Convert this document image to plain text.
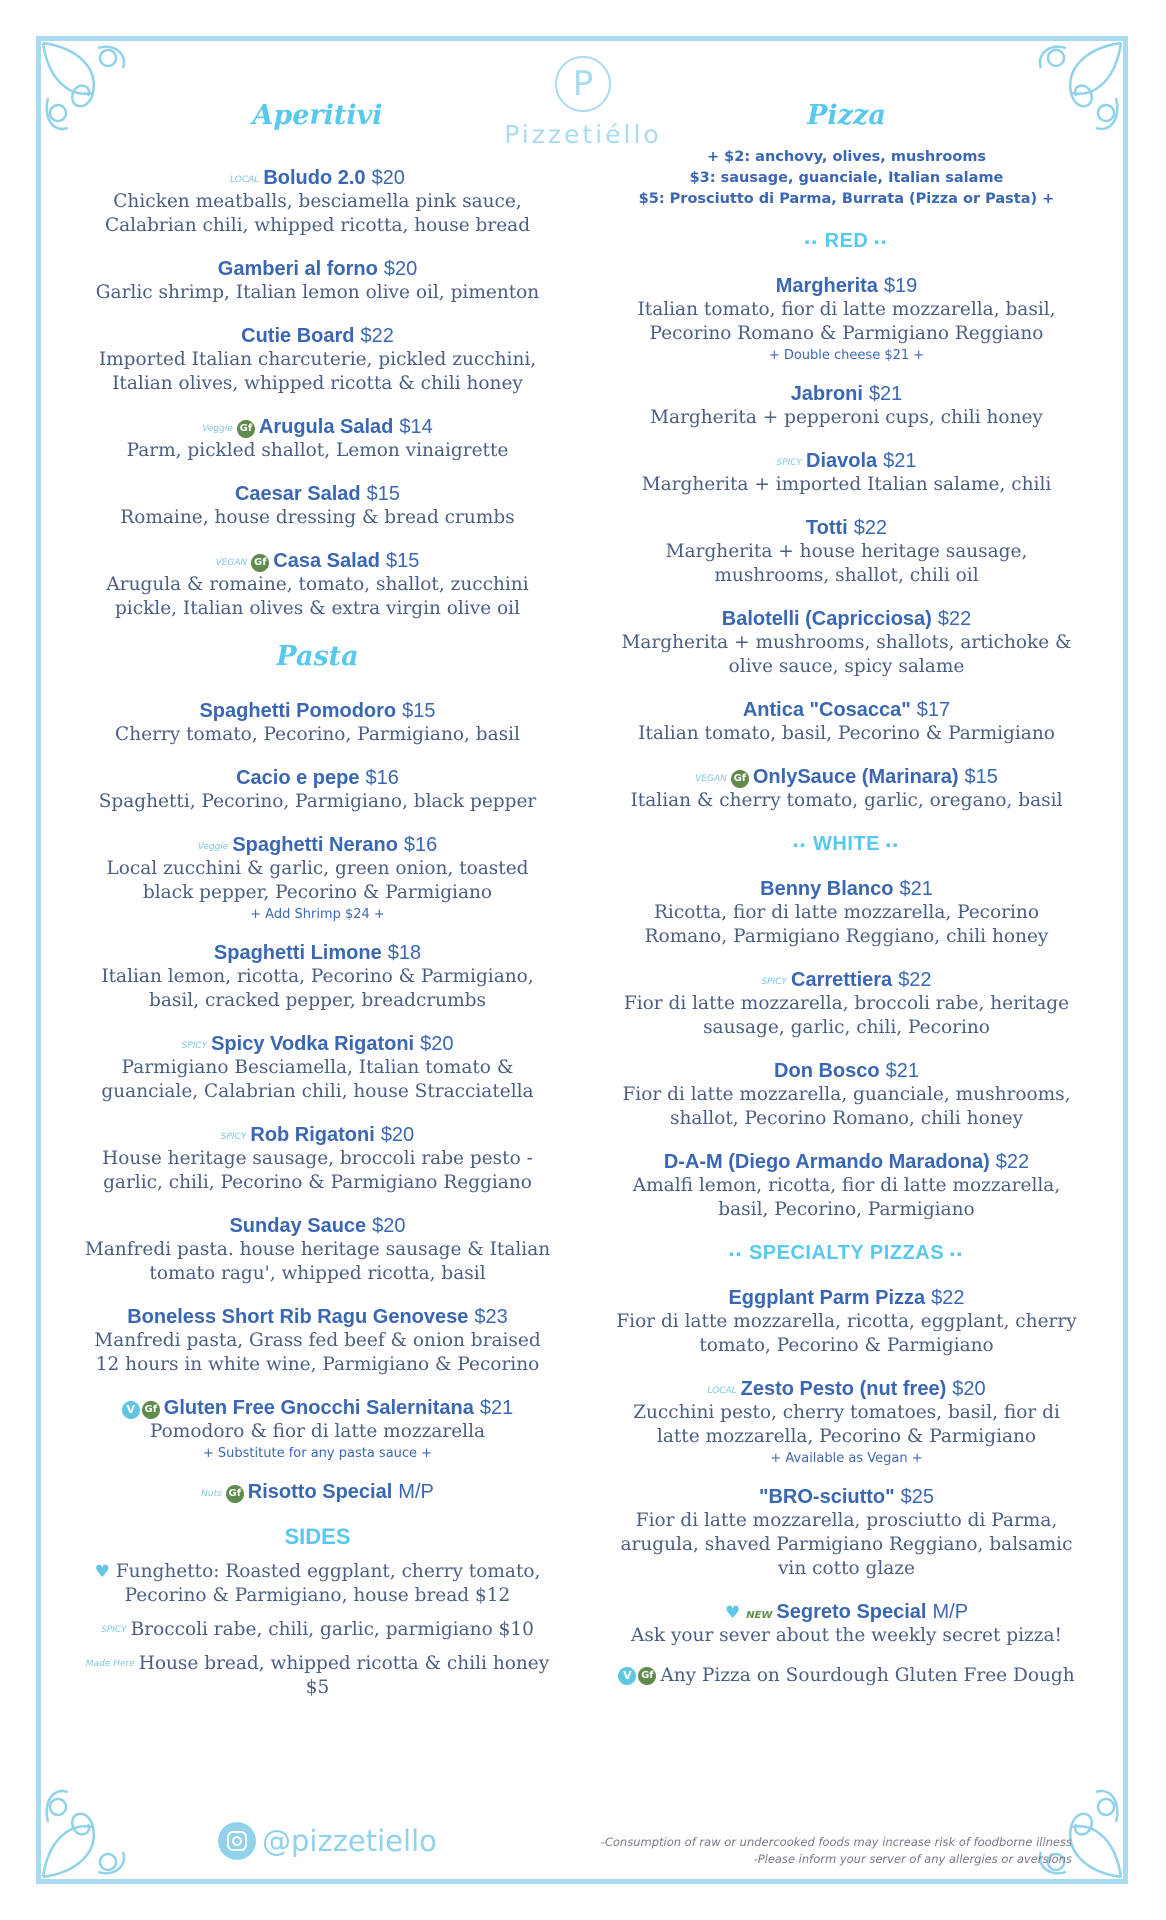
P
Pizzetiéllo
Aperitivi
LOCAL Boludo 2.0 $20
Chicken meatballs, besciamella pink sauce, Calabrian chili, whipped ricotta, house bread
Gamberi al forno $20
Garlic shrimp, Italian lemon olive oil, pimenton
Cutie Board $22
Imported Italian charcuterie, pickled zucchini, Italian olives, whipped ricotta & chili honey
Veggie Gf Arugula Salad $14
Parm, pickled shallot, Lemon vinaigrette
Caesar Salad $15
Romaine, house dressing & bread crumbs
VEGAN Gf Casa Salad $15
Arugula & romaine, tomato, shallot, zucchini pickle, Italian olives & extra virgin olive oil
Pasta
Spaghetti Pomodoro $15
Cherry tomato, Pecorino, Parmigiano, basil
Cacio e pepe $16
Spaghetti, Pecorino, Parmigiano, black pepper
Veggie Spaghetti Nerano $16
Local zucchini & garlic, green onion, toasted black pepper, Pecorino & Parmigiano
+ Add Shrimp $24 +
Spaghetti Limone $18
Italian lemon, ricotta, Pecorino & Parmigiano, basil, cracked pepper, breadcrumbs
SPICY Spicy Vodka Rigatoni $20
Parmigiano Besciamella, Italian tomato & guanciale, Calabrian chili, house Stracciatella
SPICY Rob Rigatoni $20
House heritage sausage, broccoli rabe pesto - garlic, chili, Pecorino & Parmigiano Reggiano
Sunday Sauce $20
Manfredi pasta. house heritage sausage & Italian tomato ragu', whipped ricotta, basil
Boneless Short Rib Ragu Genovese $23
Manfredi pasta, Grass fed beef & onion braised 12 hours in white wine, Parmigiano & Pecorino
V Gf Gluten Free Gnocchi Salernitana $21
Pomodoro & fior di latte mozzarella
+ Substitute for any pasta sauce +
Nuts Gf Risotto Special M/P
SIDES
♥ Funghetto: Roasted eggplant, cherry tomato, Pecorino & Parmigiano, house bread $12
SPICY Broccoli rabe, chili, garlic, parmigiano $10
Made Here House bread, whipped ricotta & chili honey $5
Pizza
+ $2: anchovy, olives, mushrooms
$3: sausage, guanciale, Italian salame
$5: Prosciutto di Parma, Burrata (Pizza or Pasta) +
▪▪ RED ▪▪
Margherita $19
Italian tomato, fior di latte mozzarella, basil, Pecorino Romano & Parmigiano Reggiano
+ Double cheese $21 +
Jabroni $21
Margherita + pepperoni cups, chili honey
SPICY Diavola $21
Margherita + imported Italian salame, chili
Totti $22
Margherita + house heritage sausage, mushrooms, shallot, chili oil
Balotelli (Capricciosa) $22
Margherita + mushrooms, shallots, artichoke & olive sauce, spicy salame
Antica "Cosacca" $17
Italian tomato, basil, Pecorino & Parmigiano
VEGAN Gf OnlySauce (Marinara) $15
Italian & cherry tomato, garlic, oregano, basil
▪▪ WHITE ▪▪
Benny Blanco $21
Ricotta, fior di latte mozzarella, Pecorino Romano, Parmigiano Reggiano, chili honey
SPICY Carrettiera $22
Fior di latte mozzarella, broccoli rabe, heritage sausage, garlic, chili, Pecorino
Don Bosco $21
Fior di latte mozzarella, guanciale, mushrooms, shallot, Pecorino Romano, chili honey
D-A-M (Diego Armando Maradona) $22
Amalfi lemon, ricotta, fior di latte mozzarella, basil, Pecorino, Parmigiano
▪▪ SPECIALTY PIZZAS ▪▪
Eggplant Parm Pizza $22
Fior di latte mozzarella, ricotta, eggplant, cherry tomato, Pecorino & Parmigiano
LOCAL Zesto Pesto (nut free) $20
Zucchini pesto, cherry tomatoes, basil, fior di latte mozzarella, Pecorino & Parmigiano
+ Available as Vegan +
"BRO-sciutto" $25
Fior di latte mozzarella, prosciutto di Parma, arugula, shaved Parmigiano Reggiano, balsamic vin cotto glaze
♥ NEW Segreto Special M/P
Ask your sever about the weekly secret pizza!
V Gf Any Pizza on Sourdough Gluten Free Dough
@pizzetiello	-Consumption of raw or undercooked foods may increase risk of foodborne illness
-Please inform your server of any allergies or aversions
